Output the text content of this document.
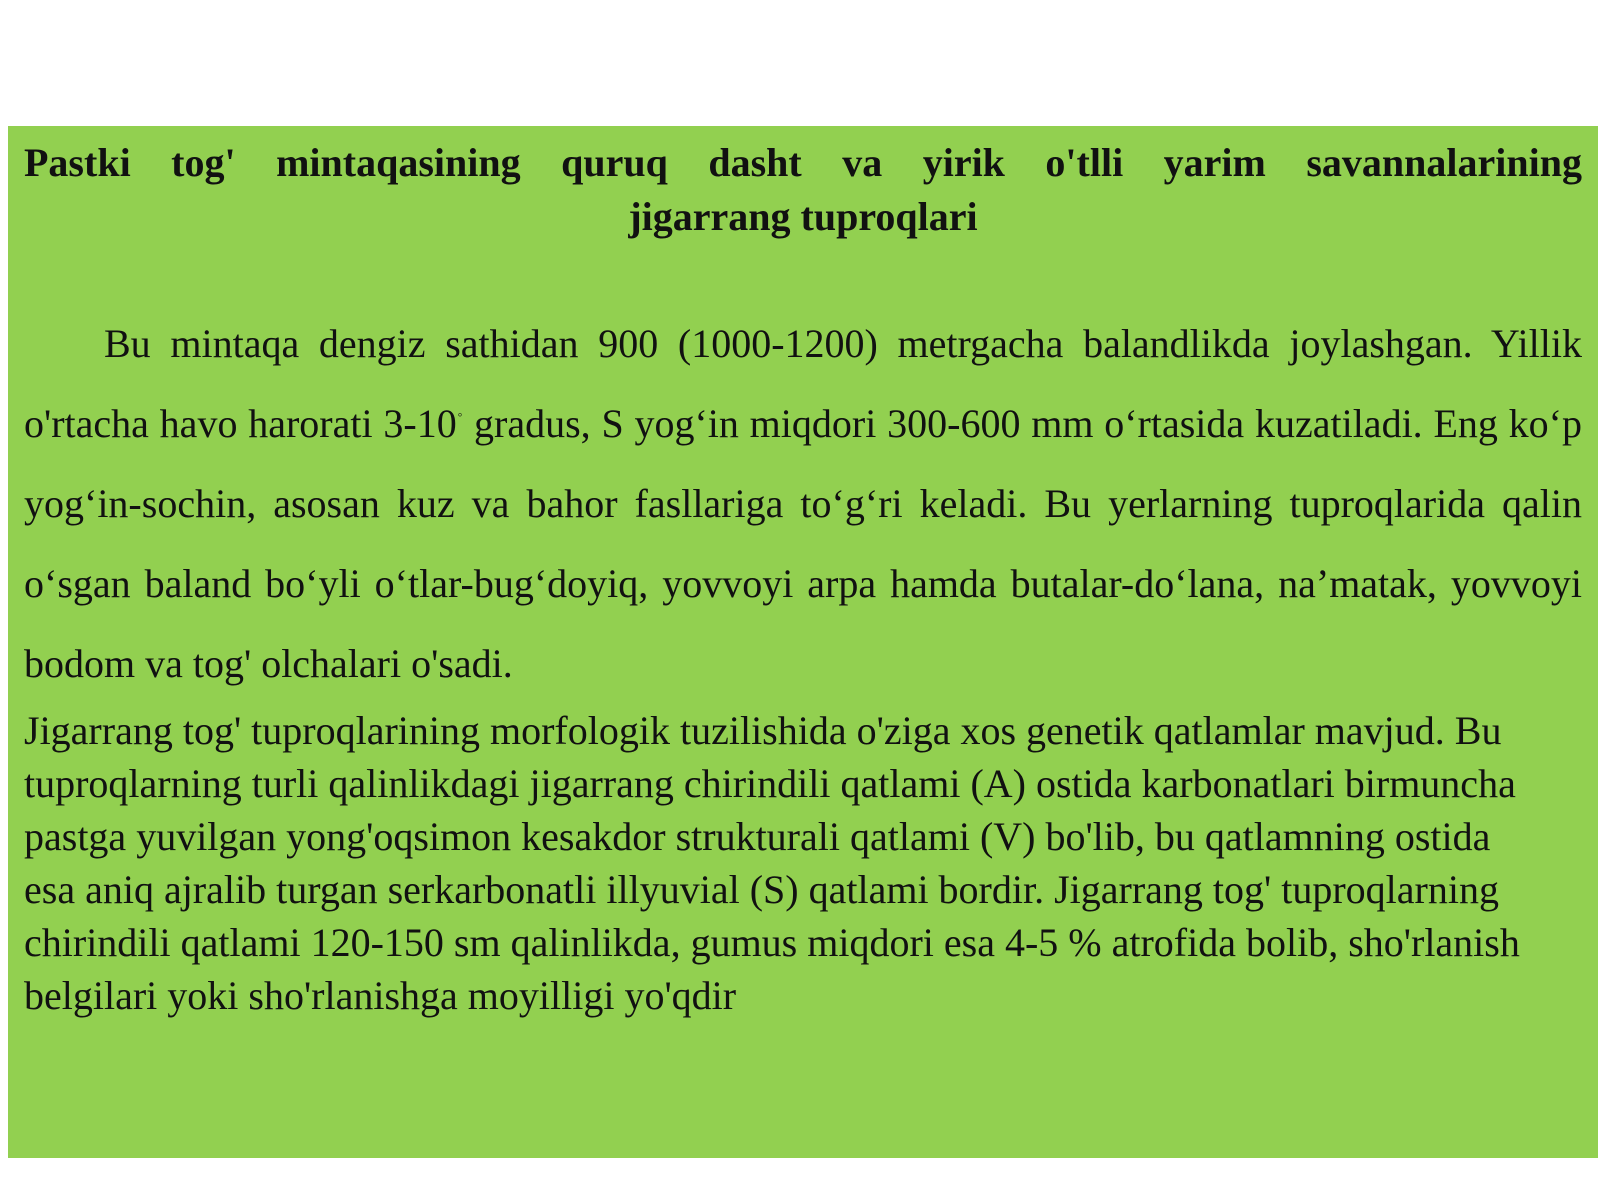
Pastki tog' mintaqasining quruq dasht va yirik o'tlli yarim savannalarining
jigarrang tuproqlari

Bu mintaqa dengiz sathidan 900 (1000-1200) metrgacha balandlikda joylashgan. Yillik o'rtacha havo harorati 3-10◦ gradus, S yog‘in miqdori 300-600 mm o‘rtasida kuzatiladi. Eng ko‘p yog‘in-sochin, asosan kuz va bahor fasllariga to‘g‘ri keladi. Bu yerlarning tuproqlarida qalin o‘sgan baland bo‘yli o‘tlar-bug‘doyiq, yovvoyi arpa hamda butalar-do‘lana, na’matak, yovvoyi bodom va tog' olchalari o'sadi.

Jigarrang tog' tuproqlarining morfologik tuzilishida o'ziga xos genetik qatlamlar mavjud. Bu tuproqlarning turli qalinlikdagi jigarrang chirindili qatlami (A) ostida karbonatlari birmuncha pastga yuvilgan yong'oqsimon kesakdor strukturali qatlami (V) bo'lib, bu qatlamning ostida esa aniq ajralib turgan serkarbonatli illyuvial (S) qatlami bordir. Jigarrang tog' tuproqlarning chirindili qatlami 120-150 sm qalinlikda, gumus miqdori esa 4-5 % atrofida bolib, sho'rlanish belgilari yoki sho'rlanishga moyilligi yo'qdir
